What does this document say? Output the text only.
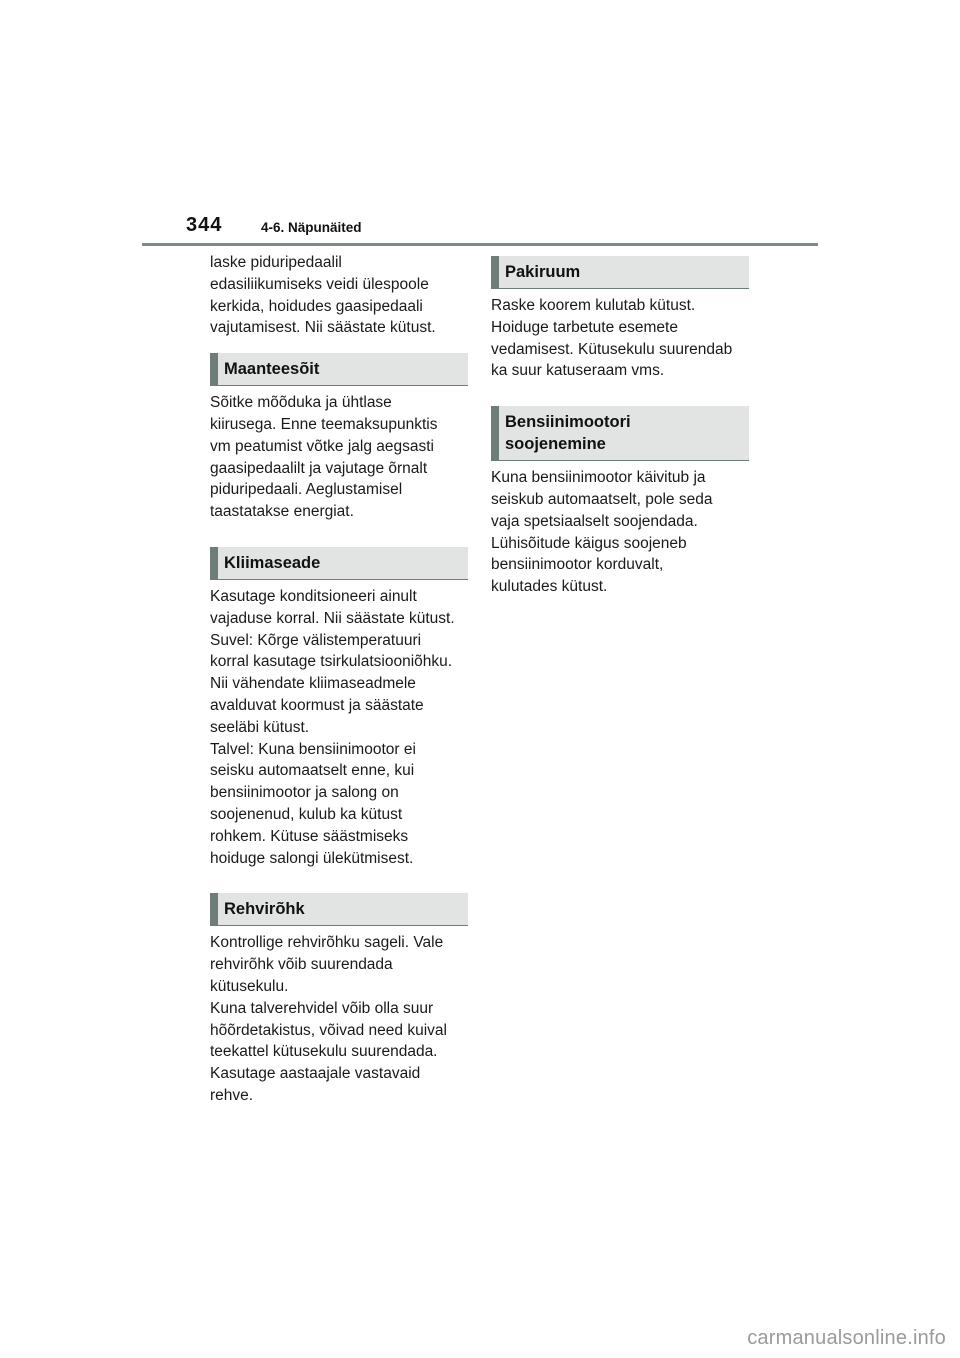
344	4-6. Näpunäited

laske piduripedaalil
edasiliikumiseks veidi ülespoole
kerkida, hoidudes gaasipedaali
vajutamisest. Nii säästate kütust.

Maanteesõit

Sõitke mõõduka ja ühtlase
kiirusega. Enne teemaksupunktis
vm peatumist võtke jalg aegsasti
gaasipedaalilt ja vajutage õrnalt
piduripedaali. Aeglustamisel
taastatakse energiat.

Kliimaseade

Kasutage konditsioneeri ainult
vajaduse korral. Nii säästate kütust.
Suvel: Kõrge välistemperatuuri
korral kasutage tsirkulatsiooniõhku.
Nii vähendate kliimaseadmele
avalduvat koormust ja säästate
seeläbi kütust.
Talvel: Kuna bensiinimootor ei
seisku automaatselt enne, kui
bensiinimootor ja salong on
soojenenud, kulub ka kütust
rohkem. Kütuse säästmiseks
hoiduge salongi ülekütmisest.

Rehvirõhk

Kontrollige rehvirõhku sageli. Vale
rehvirõhk võib suurendada
kütusekulu.
Kuna talverehvidel võib olla suur
hõõrdetakistus, võivad need kuival
teekattel kütusekulu suurendada.
Kasutage aastaajale vastavaid
rehve.

Pakiruum

Raske koorem kulutab kütust.
Hoiduge tarbetute esemete
vedamisest. Kütusekulu suurendab
ka suur katuseraam vms.

Bensiinimootori
soojenemine

Kuna bensiinimootor käivitub ja
seiskub automaatselt, pole seda
vaja spetsiaalselt soojendada.
Lühisõitude käigus soojeneb
bensiinimootor korduvalt,
kulutades kütust.

carmanualsonline.info
